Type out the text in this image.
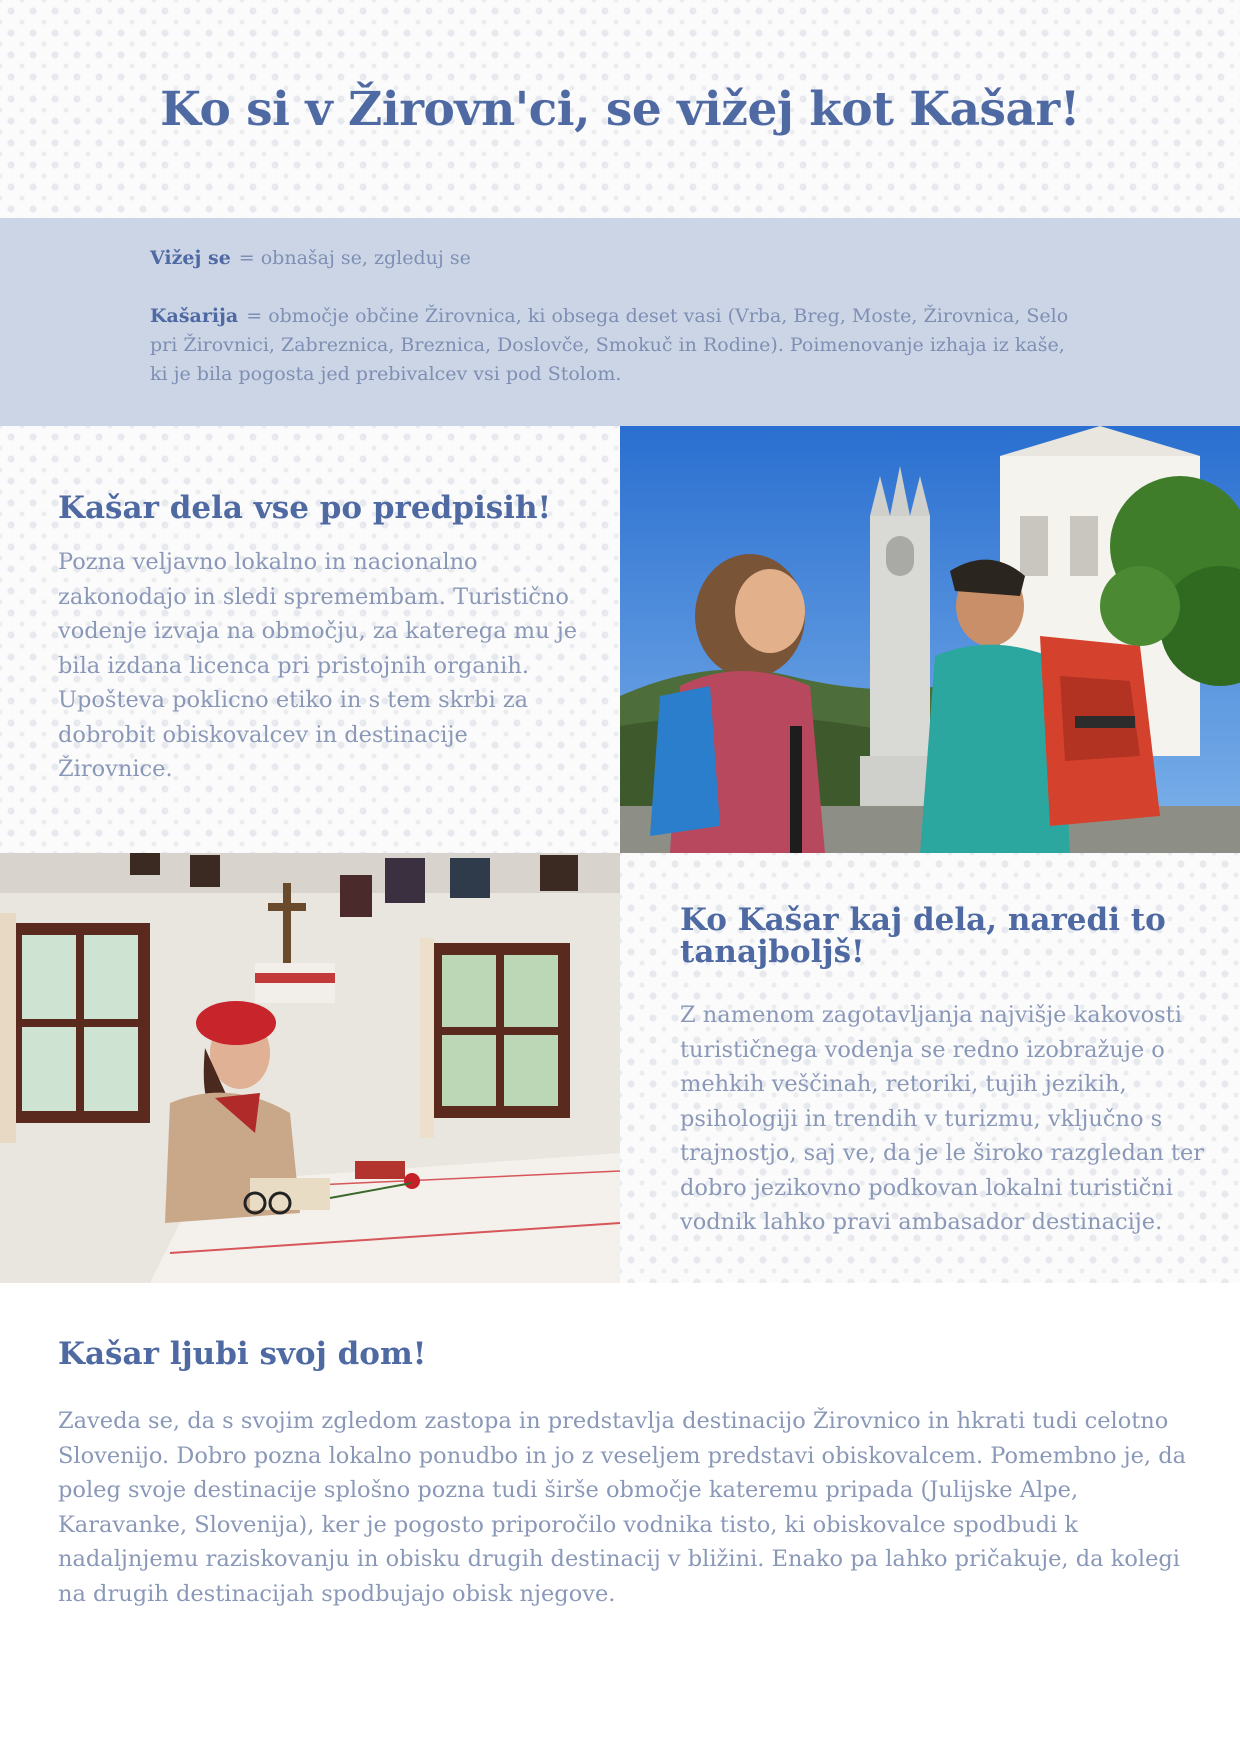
Ko si v Žirovn'ci, se vižej kot Kašar!
Vižej se = obnašaj se, zgleduj se
Kašarija = območje občine Žirovnica, ki obsega deset vasi (Vrba, Breg, Moste, Žirovnica, Selo pri Žirovnici, Zabreznica, Breznica, Doslovče, Smokuč in Rodine). Poimenovanje izhaja iz kaše, ki je bila pogosta jed prebivalcev vsi pod Stolom.
Kašar dela vse po predpisih!

Pozna veljavno lokalno in nacionalno zakonodajo in sledi spremembam. Turistično vodenje izvaja na območju, za katerega mu je bila izdana licenca pri pristojnih organih. Upošteva poklicno etiko in s tem skrbi za dobrobit obiskovalcev in destinacije Žirovnice.

Ko Kašar kaj dela, naredi to tanajboljš!

Z namenom zagotavljanja najvišje kakovosti turističnega vodenja se redno izobražuje o mehkih veščinah, retoriki, tujih jezikih, psihologiji in trendih v turizmu, vključno s trajnostjo, saj ve, da je le široko razgledan ter dobro jezikovno podkovan lokalni turistični vodnik lahko pravi ambasador destinacije.

Kašar ljubi svoj dom!

Zaveda se, da s svojim zgledom zastopa in predstavlja destinacijo Žirovnico in hkrati tudi celotno Slovenijo. Dobro pozna lokalno ponudbo in jo z veseljem predstavi obiskovalcem. Pomembno je, da poleg svoje destinacije splošno pozna tudi širše območje kateremu pripada (Julijske Alpe, Karavanke, Slovenija), ker je pogosto priporočilo vodnika tisto, ki obiskovalce spodbudi k nadaljnjemu raziskovanju in obisku drugih destinacij v bližini. Enako pa lahko pričakuje, da kolegi na drugih destinacijah spodbujajo obisk njegove.
